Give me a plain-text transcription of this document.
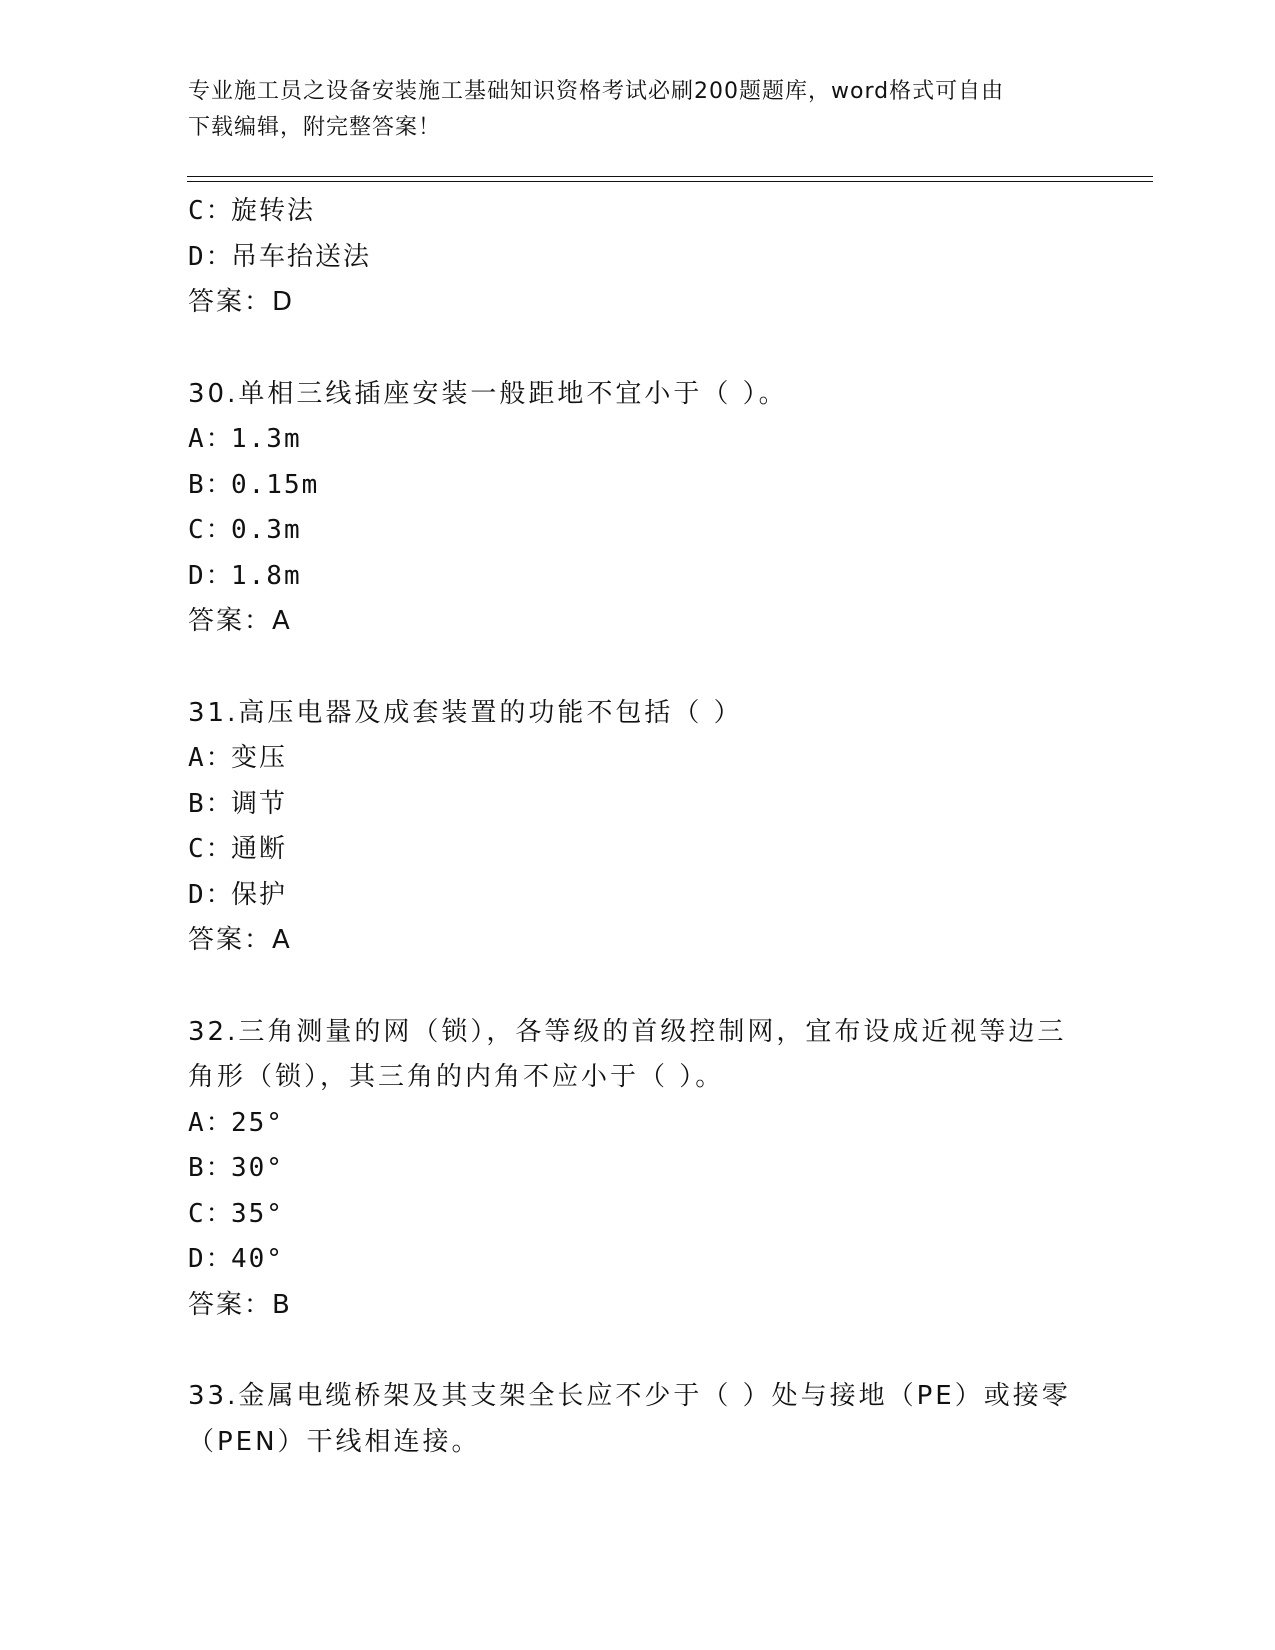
专业施工员之设备安装施工基础知识资格考试必刷200题题库，word格式可自由
下载编辑，附完整答案！
C：旋转法
D：吊车抬送法
答案：D
30.单相三线插座安装一般距地不宜小于（ ）。
A：1.3m
B：0.15m
C：0.3m
D：1.8m
答案：A
31.高压电器及成套装置的功能不包括（ ）
A：变压
B：调节
C：通断
D：保护
答案：A
32.三角测量的网（锁），各等级的首级控制网，宜布设成近视等边三
角形（锁），其三角的内角不应小于（ ）。
A：25°
B：30°
C：35°
D：40°
答案：B
33.金属电缆桥架及其支架全长应不少于（ ）处与接地（PE）或接零
（PEN）干线相连接。
